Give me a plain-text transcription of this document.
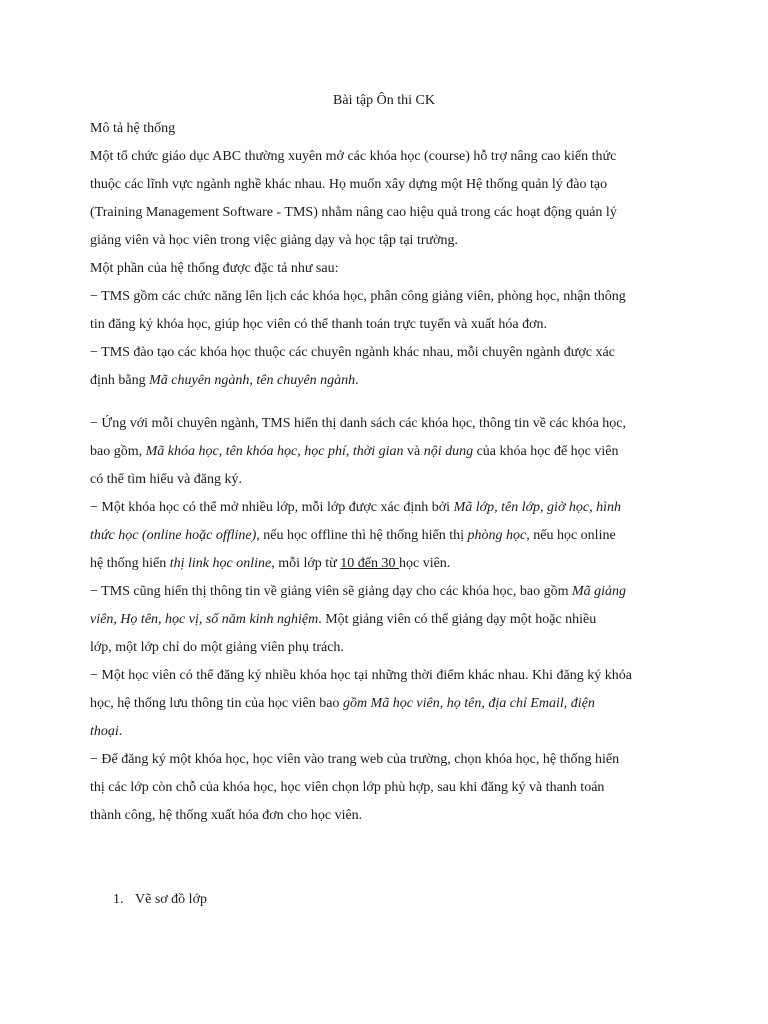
Bài tập Ôn thi CK

Mô tả hệ thống

Một tổ chức giáo dục ABC thường xuyên mở các khóa học (course) hỗ trợ nâng cao kiến thức

thuộc các lĩnh vực ngành nghề khác nhau. Họ muốn xây dựng một Hệ thống quản lý đào tạo

(Training Management Software - TMS) nhằm nâng cao hiệu quả trong các hoạt động quản lý

giảng viên và học viên trong việc giảng dạy và học tập tại trường.

Một phần của hệ thống được đặc tả như sau:

− TMS gồm các chức năng lên lịch các khóa học, phân công giảng viên, phòng học, nhận thông

tin đăng ký khóa học, giúp học viên có thể thanh toán trực tuyến và xuất hóa đơn.

− TMS đào tạo các khóa học thuộc các chuyên ngành khác nhau, mỗi chuyên ngành được xác

định bằng Mã chuyên ngành, tên chuyên ngành.

− Ứng với mỗi chuyên ngành, TMS hiển thị danh sách các khóa học, thông tin về các khóa học,

bao gồm, Mã khóa học, tên khóa học, học phí, thời gian và nội dung của khóa học để học viên

có thể tìm hiểu và đăng ký.

− Một khóa học có thể mở nhiều lớp, mỗi lớp được xác định bởi Mã lớp, tên lớp, giờ học, hình

thức học (online hoặc offline), nếu học offline thì hệ thống hiển thị phòng học, nếu học online

hệ thống hiển thị link học online, mỗi lớp từ 10 đến 30 học viên.

− TMS cũng hiển thị thông tin về giảng viên sẽ giảng dạy cho các khóa học, bao gồm Mã giảng

viên, Họ tên, học vị, số năm kinh nghiệm. Một giảng viên có thể giảng dạy một hoặc nhiều

lớp, một lớp chỉ do một giảng viên phụ trách.

− Một học viên có thể đăng ký nhiều khóa học tại những thời điểm khác nhau. Khi đăng ký khóa

học, hệ thống lưu thông tin của học viên bao gồm Mã học viên, họ tên, địa chỉ Email, điện

thoại.

− Để đăng ký một khóa học, học viên vào trang web của trường, chọn khóa học, hệ thống hiển

thị các lớp còn chỗ của khóa học, học viên chọn lớp phù hợp, sau khi đăng ký và thanh toán

thành công, hệ thống xuất hóa đơn cho học viên.

1. Vẽ sơ đồ lớp
